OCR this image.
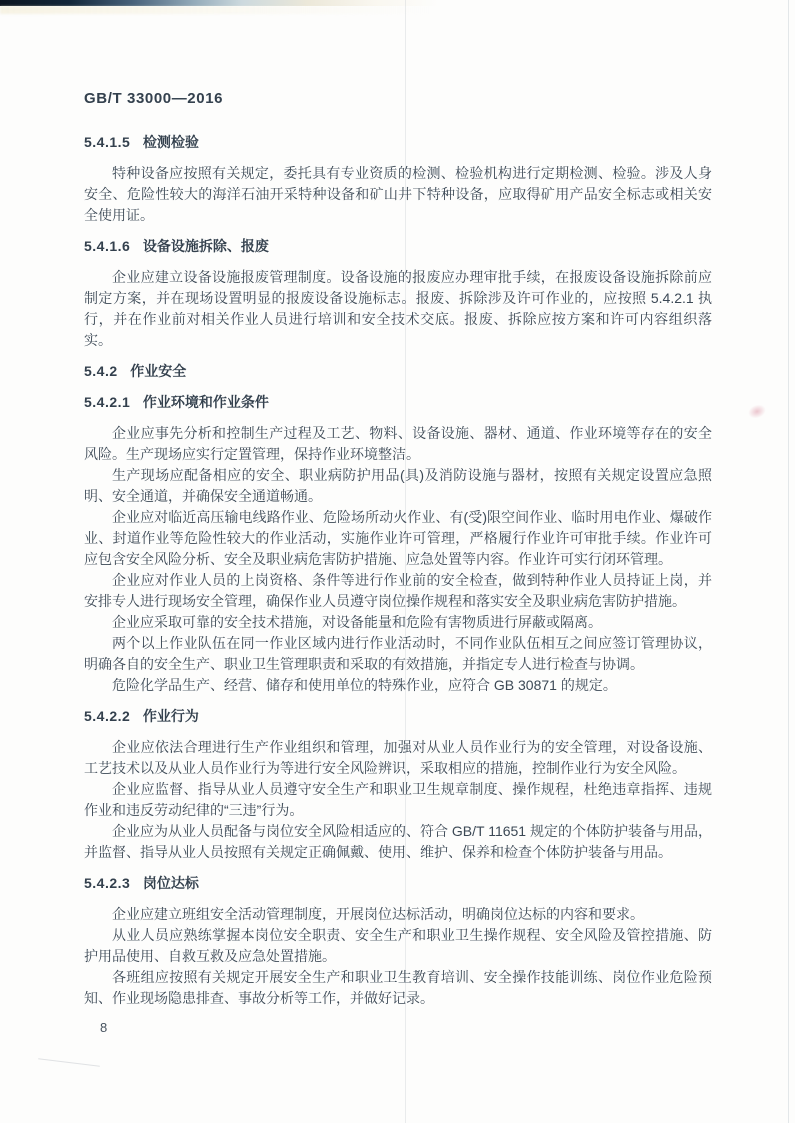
GB/T 33000—2016
5.4.1.5 检测检验

特种设备应按照有关规定，委托具有专业资质的检测、检验机构进行定期检测、检验。涉及人身安全、危险性较大的海洋石油开采特种设备和矿山井下特种设备，应取得矿用产品安全标志或相关安全使用证。

5.4.1.6 设备设施拆除、报废

企业应建立设备设施报废管理制度。设备设施的报废应办理审批手续，在报废设备设施拆除前应制定方案，并在现场设置明显的报废设备设施标志。报废、拆除涉及许可作业的，应按照 5.4.2.1 执行，并在作业前对相关作业人员进行培训和安全技术交底。报废、拆除应按方案和许可内容组织落实。

5.4.2 作业安全
5.4.2.1 作业环境和作业条件

企业应事先分析和控制生产过程及工艺、物料、设备设施、器材、通道、作业环境等存在的安全风险。生产现场应实行定置管理，保持作业环境整洁。

生产现场应配备相应的安全、职业病防护用品(具)及消防设施与器材，按照有关规定设置应急照明、安全通道，并确保安全通道畅通。

企业应对临近高压输电线路作业、危险场所动火作业、有(受)限空间作业、临时用电作业、爆破作业、封道作业等危险性较大的作业活动，实施作业许可管理，严格履行作业许可审批手续。作业许可应包含安全风险分析、安全及职业病危害防护措施、应急处置等内容。作业许可实行闭环管理。

企业应对作业人员的上岗资格、条件等进行作业前的安全检查，做到特种作业人员持证上岗，并安排专人进行现场安全管理，确保作业人员遵守岗位操作规程和落实安全及职业病危害防护措施。

企业应采取可靠的安全技术措施，对设备能量和危险有害物质进行屏蔽或隔离。

两个以上作业队伍在同一作业区域内进行作业活动时，不同作业队伍相互之间应签订管理协议，明确各自的安全生产、职业卫生管理职责和采取的有效措施，并指定专人进行检查与协调。

危险化学品生产、经营、储存和使用单位的特殊作业，应符合 GB 30871 的规定。

5.4.2.2 作业行为

企业应依法合理进行生产作业组织和管理，加强对从业人员作业行为的安全管理，对设备设施、工艺技术以及从业人员作业行为等进行安全风险辨识，采取相应的措施，控制作业行为安全风险。

企业应监督、指导从业人员遵守安全生产和职业卫生规章制度、操作规程，杜绝违章指挥、违规作业和违反劳动纪律的“三违”行为。

企业应为从业人员配备与岗位安全风险相适应的、符合 GB/T 11651 规定的个体防护装备与用品，并监督、指导从业人员按照有关规定正确佩戴、使用、维护、保养和检查个体防护装备与用品。

5.4.2.3 岗位达标

企业应建立班组安全活动管理制度，开展岗位达标活动，明确岗位达标的内容和要求。

从业人员应熟练掌握本岗位安全职责、安全生产和职业卫生操作规程、安全风险及管控措施、防护用品使用、自救互救及应急处置措施。

各班组应按照有关规定开展安全生产和职业卫生教育培训、安全操作技能训练、岗位作业危险预知、作业现场隐患排查、事故分析等工作，并做好记录。

8
